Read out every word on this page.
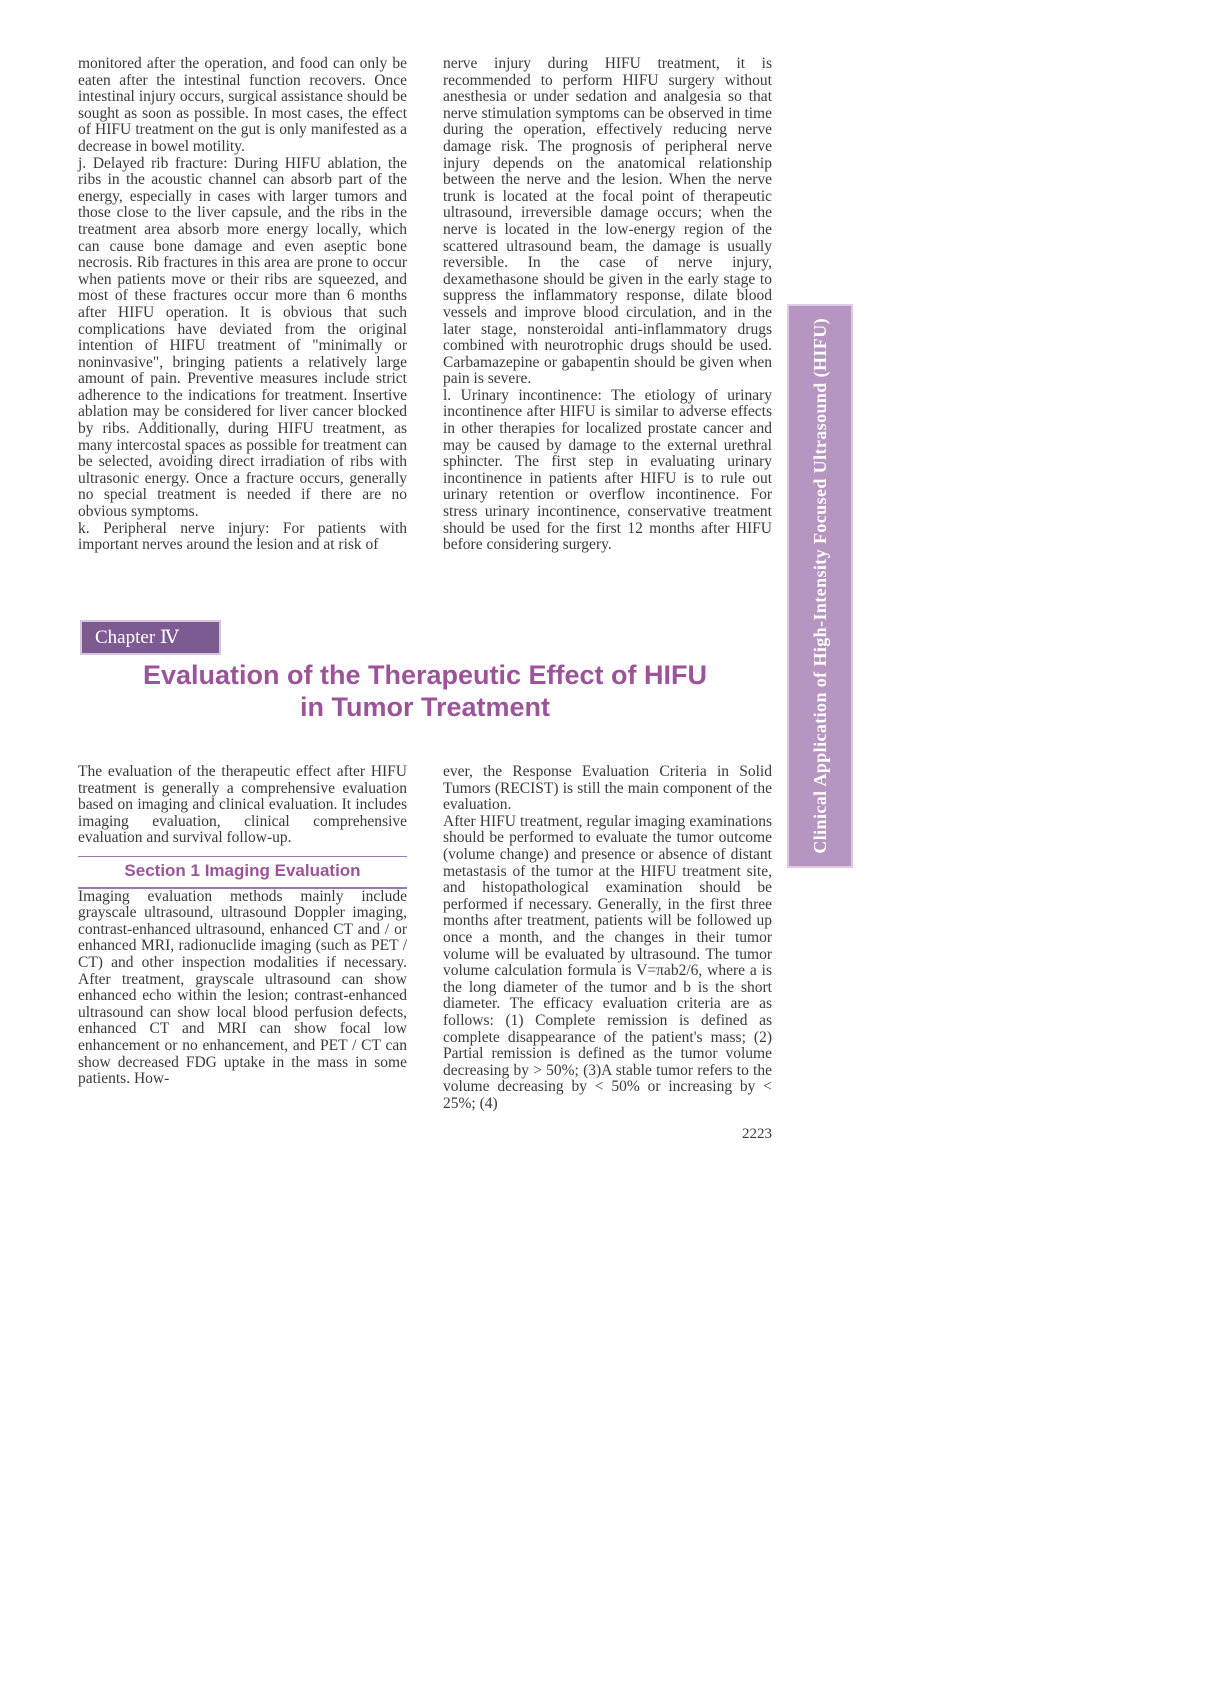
monitored after the operation, and food can only be eaten after the intestinal function recovers. Once intestinal injury occurs, surgical assistance should be sought as soon as possible. In most cases, the effect of HIFU treatment on the gut is only manifested as a decrease in bowel motility.

j. Delayed rib fracture: During HIFU ablation, the ribs in the acoustic channel can absorb part of the energy, especially in cases with larger tumors and those close to the liver capsule, and the ribs in the treatment area absorb more energy locally, which can cause bone damage and even aseptic bone necrosis. Rib fractures in this area are prone to occur when patients move or their ribs are squeezed, and most of these fractures occur more than 6 months after HIFU operation. It is obvious that such complications have deviated from the original intention of HIFU treatment of "minimally or noninvasive", bringing patients a relatively large amount of pain. Preventive measures include strict adherence to the indications for treatment. Insertive ablation may be considered for liver cancer blocked by ribs. Additionally, during HIFU treatment, as many intercostal spaces as possible for treatment can be selected, avoiding direct irradiation of ribs with ultrasonic energy. Once a fracture occurs, generally no special treatment is needed if there are no obvious symptoms.

k. Peripheral nerve injury: For patients with important nerves around the lesion and at risk of

nerve injury during HIFU treatment, it is recommended to perform HIFU surgery without anesthesia or under sedation and analgesia so that nerve stimulation symptoms can be observed in time during the operation, effectively reducing nerve damage risk. The prognosis of peripheral nerve injury depends on the anatomical relationship between the nerve and the lesion. When the nerve trunk is located at the focal point of therapeutic ultrasound, irreversible damage occurs; when the nerve is located in the low-energy region of the scattered ultrasound beam, the damage is usually reversible. In the case of nerve injury, dexamethasone should be given in the early stage to suppress the inflammatory response, dilate blood vessels and improve blood circulation, and in the later stage, nonsteroidal anti-inflammatory drugs combined with neurotrophic drugs should be used. Carbamazepine or gabapentin should be given when pain is severe.

l. Urinary incontinence: The etiology of urinary incontinence after HIFU is similar to adverse effects in other therapies for localized prostate cancer and may be caused by damage to the external urethral sphincter. The first step in evaluating urinary incontinence in patients after HIFU is to rule out urinary retention or overflow incontinence. For stress urinary incontinence, conservative treatment should be used for the first 12 months after HIFU before considering surgery.

Chapter Ⅳ
Evaluation of the Therapeutic Effect of HIFU
in Tumor Treatment

The evaluation of the therapeutic effect after HIFU treatment is generally a comprehensive evaluation based on imaging and clinical evaluation. It includes imaging evaluation, clinical comprehensive evaluation and survival follow-up.

Section 1 Imaging Evaluation

Imaging evaluation methods mainly include grayscale ultrasound, ultrasound Doppler imaging, contrast-enhanced ultrasound, enhanced CT and / or enhanced MRI, radionuclide imaging (such as PET / CT) and other inspection modalities if necessary. After treatment, grayscale ultrasound can show enhanced echo within the lesion; contrast-enhanced ultrasound can show local blood perfusion defects, enhanced CT and MRI can show focal low enhancement or no enhancement, and PET / CT can show decreased FDG uptake in the mass in some patients. How-

ever, the Response Evaluation Criteria in Solid Tumors (RECIST) is still the main component of the evaluation.

After HIFU treatment, regular imaging examinations should be performed to evaluate the tumor outcome (volume change) and presence or absence of distant metastasis of the tumor at the HIFU treatment site, and histopathological examination should be performed if necessary. Generally, in the first three months after treatment, patients will be followed up once a month, and the changes in their tumor volume will be evaluated by ultrasound. The tumor volume calculation formula is V=πab2/6, where a is the long diameter of the tumor and b is the short diameter. The efficacy evaluation criteria are as follows: (1) Complete remission is defined as complete disappearance of the patient's mass; (2) Partial remission is defined as the tumor volume decreasing by > 50%; (3)A stable tumor refers to the volume decreasing by < 50% or increasing by < 25%; (4)

2223
Clinical Application of High-Intensity Focused Ultrasound (HIFU)
